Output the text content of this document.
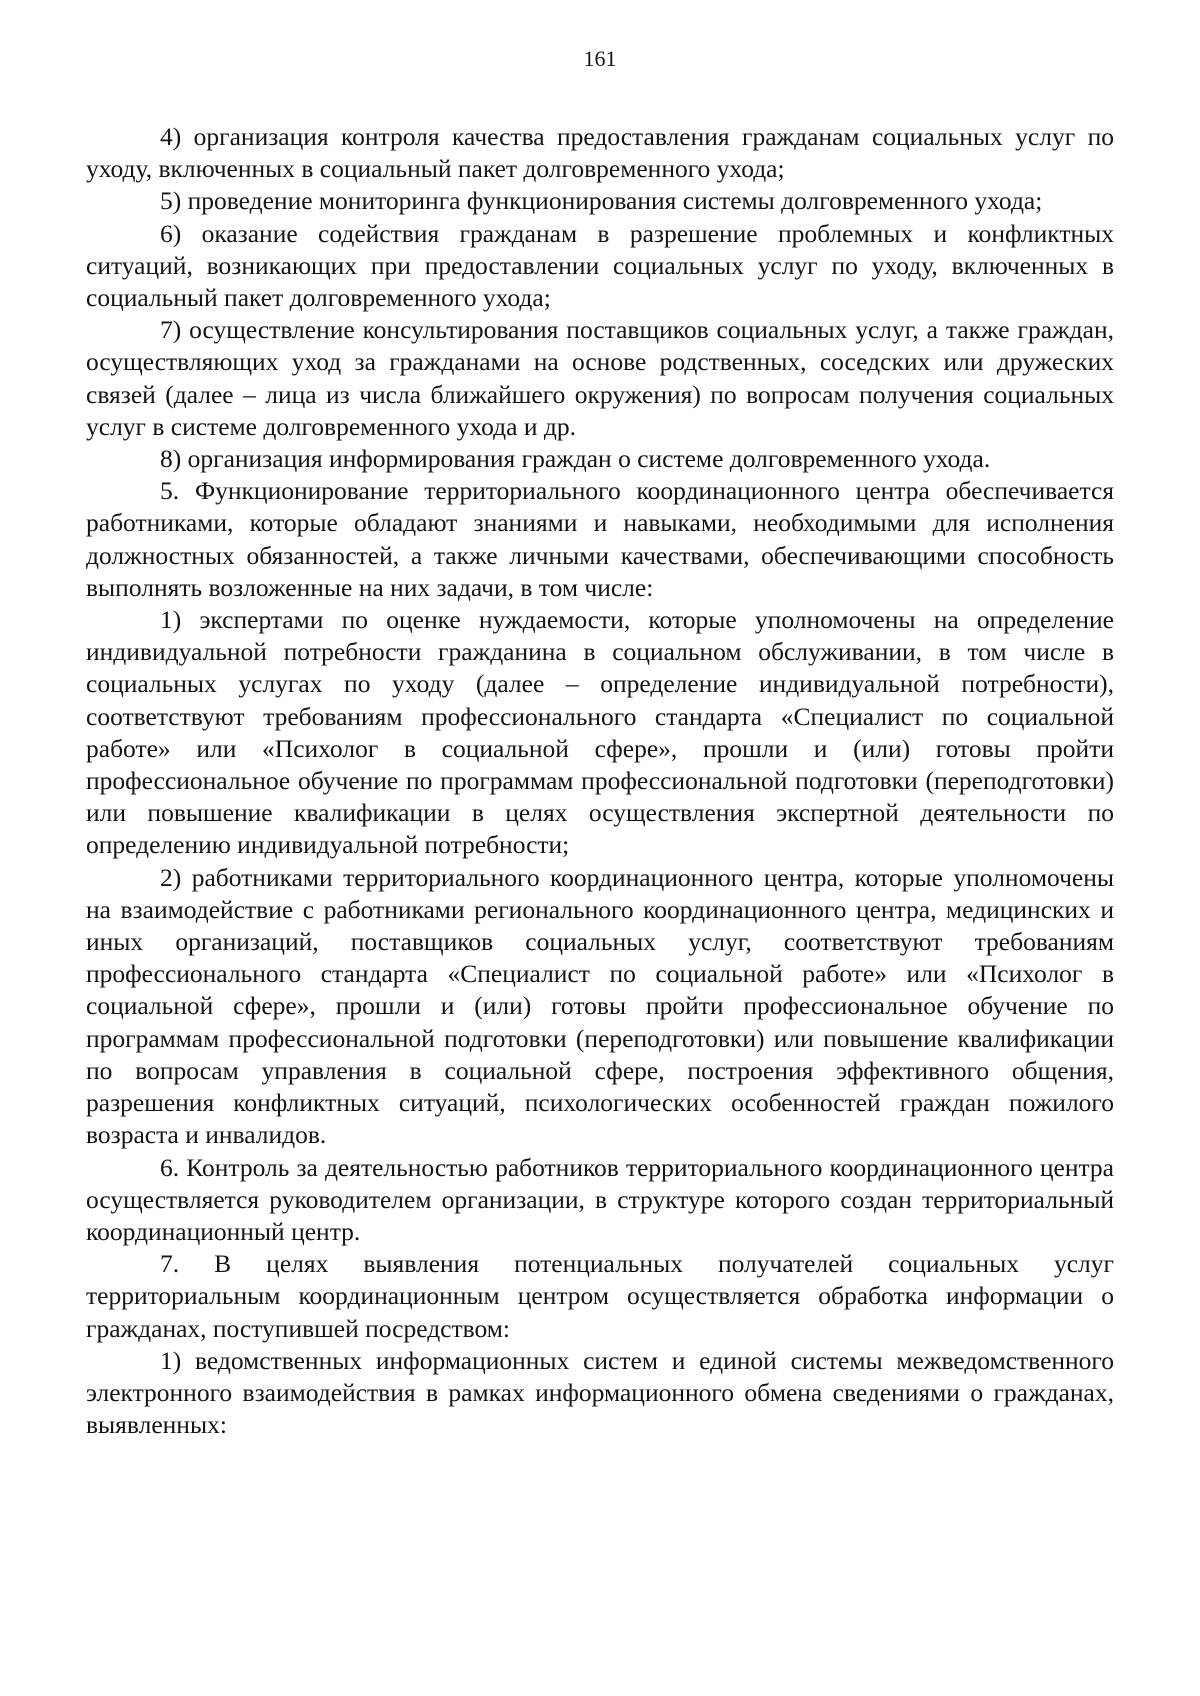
161

4) организация контроля качества предоставления гражданам социальных услуг по уходу, включенных в социальный пакет долговременного ухода;

5) проведение мониторинга функционирования системы долговременного ухода;

6) оказание содействия гражданам в разрешение проблемных и конфликтных ситуаций, возникающих при предоставлении социальных услуг по уходу, включенных в социальный пакет долговременного ухода;

7) осуществление консультирования поставщиков социальных услуг, а также граждан, осуществляющих уход за гражданами на основе родственных, соседских или дружеских связей (далее – лица из числа ближайшего окружения) по вопросам получения социальных услуг в системе долговременного ухода и др.

8) организация информирования граждан о системе долговременного ухода.

5. Функционирование территориального координационного центра обеспечивается работниками, которые обладают знаниями и навыками, необходимыми для исполнения должностных обязанностей, а также личными качествами, обеспечивающими способность выполнять возложенные на них задачи, в том числе:

1) экспертами по оценке нуждаемости, которые уполномочены на определение индивидуальной потребности гражданина в социальном обслуживании, в том числе в социальных услугах по уходу (далее – определение индивидуальной потребности), соответствуют требованиям профессионального стандарта «Специалист по социальной работе» или «Психолог в социальной сфере», прошли и (или) готовы пройти профессиональное обучение по программам профессиональной подготовки (переподготовки) или повышение квалификации в целях осуществления экспертной деятельности по определению индивидуальной потребности;

2) работниками территориального координационного центра, которые уполномочены на взаимодействие с работниками регионального координационного центра, медицинских и иных организаций, поставщиков социальных услуг, соответствуют требованиям профессионального стандарта «Специалист по социальной работе» или «Психолог в социальной сфере», прошли и (или) готовы пройти профессиональное обучение по программам профессиональной подготовки (переподготовки) или повышение квалификации по вопросам управления в социальной сфере, построения эффективного общения, разрешения конфликтных ситуаций, психологических особенностей граждан пожилого возраста и инвалидов.

6. Контроль за деятельностью работников территориального координационного центра осуществляется руководителем организации, в структуре которого создан территориальный координационный центр.

7. В целях выявления потенциальных получателей социальных услуг территориальным координационным центром осуществляется обработка информации о гражданах, поступившей посредством:

1) ведомственных информационных систем и единой системы межведомственного электронного взаимодействия в рамках информационного обмена сведениями о гражданах, выявленных:
